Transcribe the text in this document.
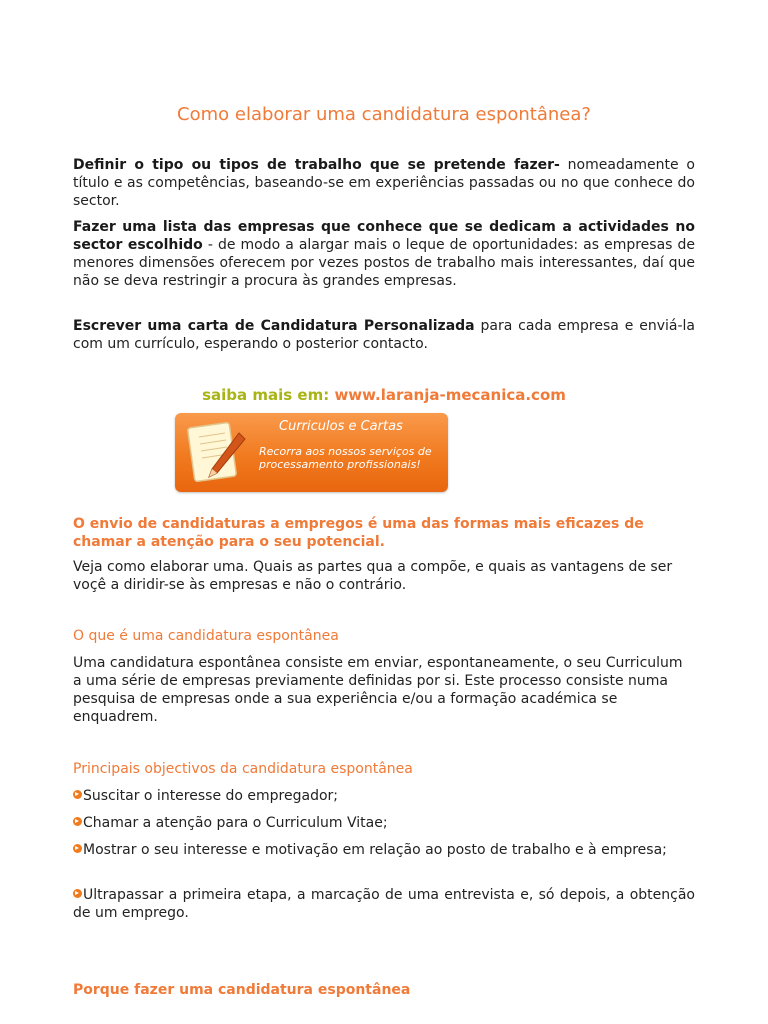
Como elaborar uma candidatura espontânea?

Definir o tipo ou tipos de trabalho que se pretende fazer- nomeadamente o título e as competências, baseando-se em experiências passadas ou no que conhece do sector.

Fazer uma lista das empresas que conhece que se dedicam a actividades no sector escolhido - de modo a alargar mais o leque de oportunidades: as empresas de menores dimensões oferecem por vezes postos de trabalho mais interessantes, daí que não se deva restringir a procura às grandes empresas.

Escrever uma carta de Candidatura Personalizada para cada empresa e enviá-la com um currículo, esperando o posterior contacto.

saiba mais em: www.laranja-mecanica.com
Curriculos e Cartas
Recorra aos nossos serviços de processamento profissionais!

O envio de candidaturas a empregos é uma das formas mais eficazes de chamar a atenção para o seu potencial.

Veja como elaborar uma. Quais as partes qua a compõe, e quais as vantagens de ser voçê a diridir-se às empresas e não o contrário.

O que é uma candidatura espontânea

Uma candidatura espontânea consiste em enviar, espontaneamente, o seu Curriculum a uma série de empresas previamente definidas por si. Este processo consiste numa pesquisa de empresas onde a sua experiência e/ou a formação académica se enquadrem.

Principais objectivos da candidatura espontânea

Suscitar o interesse do empregador;

Chamar a atenção para o Curriculum Vitae;

Mostrar o seu interesse e motivação em relação ao posto de trabalho e à empresa;

Ultrapassar a primeira etapa, a marcação de uma entrevista e, só depois, a obtenção de um emprego.

Porque fazer uma candidatura espontânea
